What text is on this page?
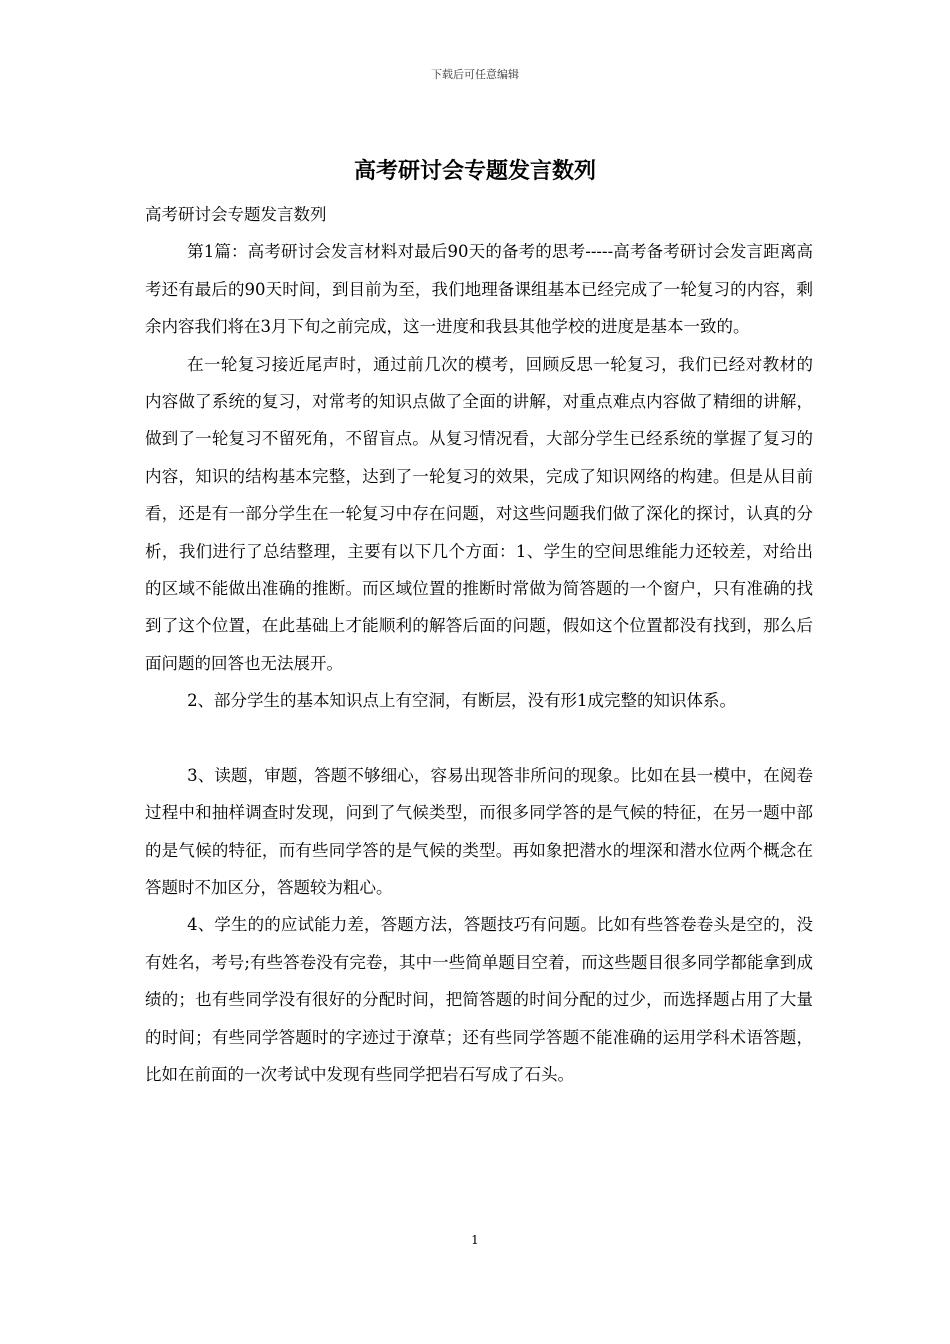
下载后可任意编辑
高考研讨会专题发言数列

高考研讨会专题发言数列

第1篇：高考研讨会发言材料对最后90天的备考的思考-----高考备考研讨会发言距离高考还有最后的90天时间，到目前为至，我们地理备课组基本已经完成了一轮复习的内容，剩余内容我们将在3月下旬之前完成，这一进度和我县其他学校的进度是基本一致的。

在一轮复习接近尾声时，通过前几次的模考，回顾反思一轮复习，我们已经对教材的内容做了系统的复习，对常考的知识点做了全面的讲解，对重点难点内容做了精细的讲解，做到了一轮复习不留死角，不留盲点。从复习情况看，大部分学生已经系统的掌握了复习的内容，知识的结构基本完整，达到了一轮复习的效果，完成了知识网络的构建。但是从目前看，还是有一部分学生在一轮复习中存在问题，对这些问题我们做了深化的探讨，认真的分析，我们进行了总结整理，主要有以下几个方面：1、学生的空间思维能力还较差，对给出的区域不能做出准确的推断。而区域位置的推断时常做为简答题的一个窗户，只有准确的找到了这个位置，在此基础上才能顺利的解答后面的问题，假如这个位置都没有找到，那么后面问题的回答也无法展开。

2、部分学生的基本知识点上有空洞，有断层，没有形1成完整的知识体系。

3、读题，审题，答题不够细心，容易出现答非所问的现象。比如在县一模中，在阅卷过程中和抽样调查时发现，问到了气候类型，而很多同学答的是气候的特征，在另一题中部的是气候的特征，而有些同学答的是气候的类型。再如象把潜水的埋深和潜水位两个概念在答题时不加区分，答题较为粗心。

4、学生的的应试能力差，答题方法，答题技巧有问题。比如有些答卷卷头是空的，没有姓名，考号;有些答卷没有完卷，其中一些简单题目空着，而这些题目很多同学都能拿到成绩的；也有些同学没有很好的分配时间，把简答题的时间分配的过少，而选择题占用了大量的时间；有些同学答题时的字迹过于潦草；还有些同学答题不能准确的运用学科术语答题，比如在前面的一次考试中发现有些同学把岩石写成了石头。

1
